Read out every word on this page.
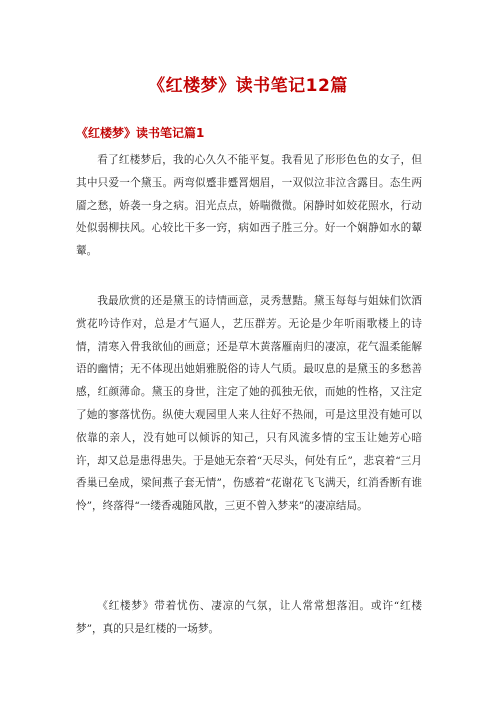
《红楼梦》读书笔记12篇
《红楼梦》读书笔记篇1

看了红楼梦后，我的心久久不能平复。我看见了形形色色的女子，但其中只爱一个黛玉。两弯似蹙非蹙罥烟眉，一双似泣非泣含露目。态生两靥之愁，娇袭一身之病。泪光点点，娇喘微微。闲静时如姣花照水，行动处似弱柳扶风。心较比干多一窍，病如西子胜三分。好一个娴静如水的颦颦。

我最欣赏的还是黛玉的诗情画意，灵秀慧黠。黛玉每每与姐妹们饮酒赏花吟诗作对，总是才气逼人，艺压群芳。无论是少年听雨歌楼上的诗情，清寒入骨我欲仙的画意；还是草木黄落雁南归的凄凉，花气温柔能解语的幽情；无不体现出她娟雅脱俗的诗人气质。最叹息的是黛玉的多愁善感，红颜薄命。黛玉的身世，注定了她的孤独无依，而她的性格，又注定了她的寥落忧伤。纵使大观园里人来人往好不热闹，可是这里没有她可以依靠的亲人，没有她可以倾诉的知己，只有风流多情的宝玉让她芳心暗许，却又总是患得患失。于是她无奈着“天尽头，何处有丘”，悲哀着“三月香巢已垒成，梁间燕子套无情”，伤感着“花谢花飞飞满天，红消香断有谁怜”，终落得“一缕香魂随风散，三更不曾入梦来”的凄凉结局。

《红楼梦》带着忧伤、凄凉的气氛，让人常常想落泪。或许“红楼梦”，真的只是红楼的一场梦。
